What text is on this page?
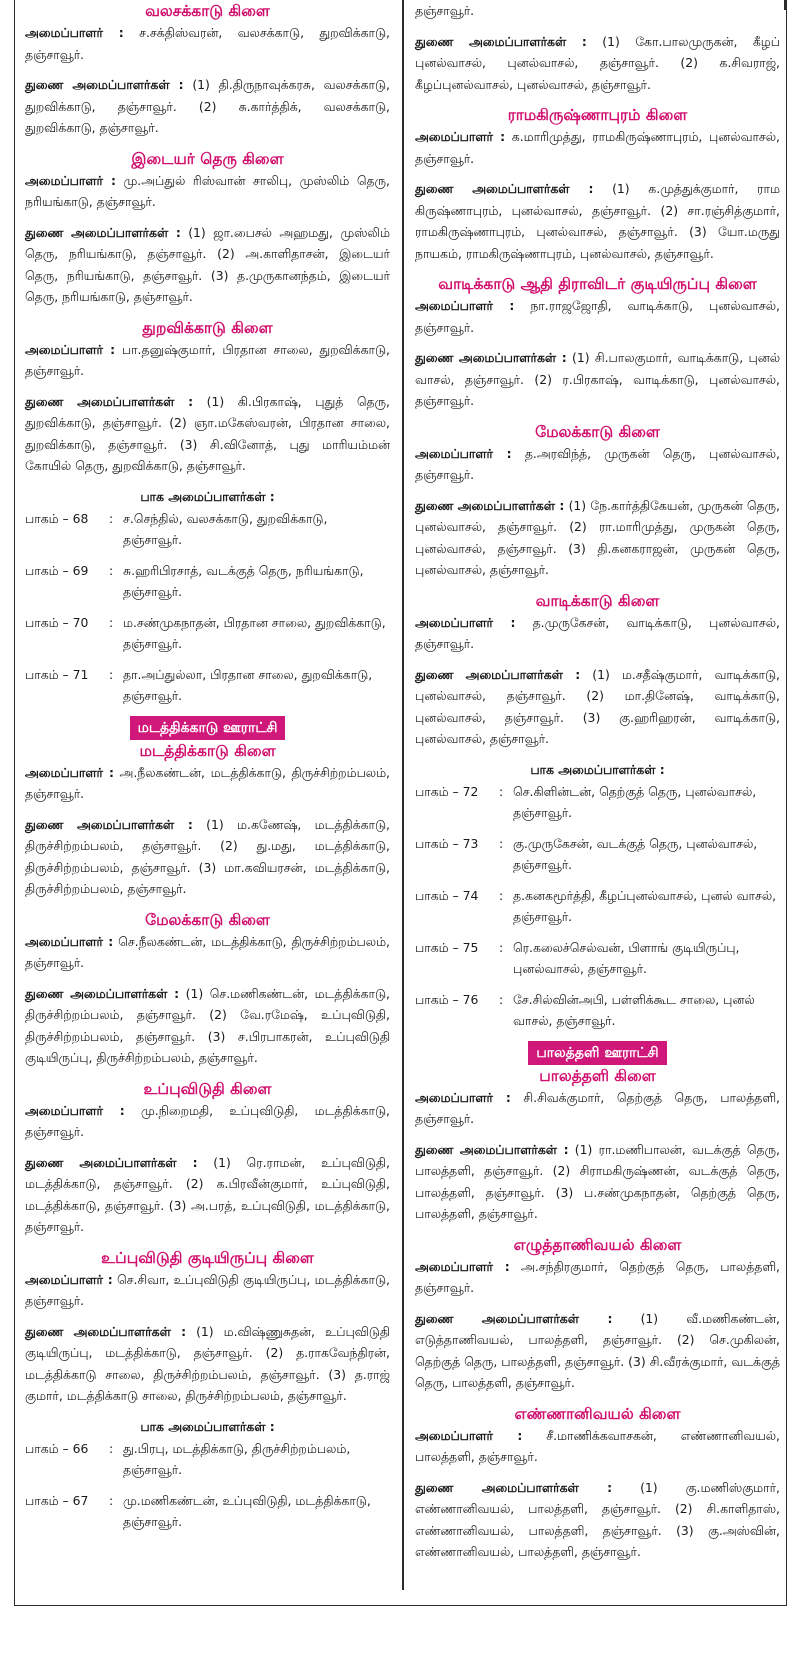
வலசக்காடு கிளை
அமைப்பாளர் : ச.சக்திஸ்வரன், வலசக்காடு, துறவிக்காடு, தஞ்சாவூர்.
துணை அமைப்பாளர்கள் : (1) தி.திருநாவுக்கரசு, வலசக்காடு, துறவிக்காடு, தஞ்சாவூர். (2) சு.கார்த்திக், வலசக்காடு, துறவிக்காடு, தஞ்சாவூர்.
இடையர் தெரு கிளை
அமைப்பாளர் : மு.அப்துல் ரிஸ்வான் சாலிபு, முஸ்லிம் தெரு, நரியங்காடு, தஞ்சாவூர்.
துணை அமைப்பாளர்கள் : (1) ஜா.பைசல் அஹமது, முஸ்லிம் தெரு, நரியங்காடு, தஞ்சாவூர். (2) அ.காளிதாசன், இடையர் தெரு, நரியங்காடு, தஞ்சாவூர். (3) த.முருகானந்தம், இடையர் தெரு, நரியங்காடு, தஞ்சாவூர்.
துறவிக்காடு கிளை
அமைப்பாளர் : பா.தனுஷ்குமார், பிரதான சாலை, துறவிக்காடு, தஞ்சாவூர்.
துணை அமைப்பாளர்கள் : (1) கி.பிரகாஷ், புதுத் தெரு, துறவிக்காடு, தஞ்சாவூர். (2) ஞா.மகேஸ்வரன், பிரதான சாலை, துறவிக்காடு, தஞ்சாவூர். (3) சி.வினோத், புது மாரியம்மன் கோயில் தெரு, துறவிக்காடு, தஞ்சாவூர்.
பாக அமைப்பாளர்கள் :
பாகம் – 68	: ச.செந்தில், வலசக்காடு, துறவிக்காடு, தஞ்சாவூர்.
பாகம் – 69	: சு.ஹரிபிரசாத், வடக்குத் தெரு, நரியங்காடு, தஞ்சாவூர்.
பாகம் – 70	: ம.சண்முகநாதன், பிரதான சாலை, துறவிக்காடு, தஞ்சாவூர்.
பாகம் – 71	: தா.அப்துல்லா, பிரதான சாலை, துறவிக்காடு, தஞ்சாவூர்.
மடத்திக்காடு ஊராட்சி
மடத்திக்காடு கிளை
அமைப்பாளர் : அ.நீலகண்டன், மடத்திக்காடு, திருச்சிற்றம்பலம், தஞ்சாவூர்.
துணை அமைப்பாளர்கள் : (1) ம.கணேஷ், மடத்திக்காடு, திருச்சிற்றம்பலம், தஞ்சாவூர். (2) து.மது, மடத்திக்காடு, திருச்சிற்றம்பலம், தஞ்சாவூர். (3) மா.கவியரசன், மடத்திக்காடு, திருச்சிற்றம்பலம், தஞ்சாவூர்.
மேலக்காடு கிளை
அமைப்பாளர் : செ.நீலகண்டன், மடத்திக்காடு, திருச்சிற்றம்பலம், தஞ்சாவூர்.
துணை அமைப்பாளர்கள் : (1) செ.மணிகண்டன், மடத்திக்காடு, திருச்சிற்றம்பலம், தஞ்சாவூர். (2) வே.ரமேஷ், உப்புவிடுதி, திருச்சிற்றம்பலம், தஞ்சாவூர். (3) ச.பிரபாகரன், உப்புவிடுதி குடியிருப்பு, திருச்சிற்றம்பலம், தஞ்சாவூர்.
உப்புவிடுதி கிளை
அமைப்பாளர் : மு.நிறைமதி, உப்புவிடுதி, மடத்திக்காடு, தஞ்சாவூர்.
துணை அமைப்பாளர்கள் : (1) ரெ.ராமன், உப்புவிடுதி, மடத்திக்காடு, தஞ்சாவூர். (2) க.பிரவீன்குமார், உப்புவிடுதி, மடத்திக்காடு, தஞ்சாவூர். (3) அ.பரத், உப்புவிடுதி, மடத்திக்காடு, தஞ்சாவூர்.
உப்புவிடுதி குடியிருப்பு கிளை
அமைப்பாளர் : செ.சிவா, உப்புவிடுதி குடியிருப்பு, மடத்திக்காடு, தஞ்சாவூர்.
துணை அமைப்பாளர்கள் : (1) ம.விஷ்ணுசுதன், உப்புவிடுதி குடியிருப்பு, மடத்திக்காடு, தஞ்சாவூர். (2) த.ராகவேந்திரன், மடத்திக்காடு சாலை, திருச்சிற்றம்பலம், தஞ்சாவூர். (3) த.ராஜ் குமார், மடத்திக்காடு சாலை, திருச்சிற்றம்பலம், தஞ்சாவூர்.
பாக அமைப்பாளர்கள் :
பாகம் – 66	: து.பிரபு, மடத்திக்காடு, திருச்சிற்றம்பலம், தஞ்சாவூர்.
பாகம் – 67	: மு.மணிகண்டன், உப்புவிடுதி, மடத்திக்காடு, தஞ்சாவூர்.
தஞ்சாவூர்.
துணை அமைப்பாளர்கள் : (1) கோ.பாலமுருகன், கீழப் புனல்வாசல், புனல்வாசல், தஞ்சாவூர். (2) க.சிவராஜ், கீழப்புனல்வாசல், புனல்வாசல், தஞ்சாவூர்.
ராமகிருஷ்ணாபுரம் கிளை
அமைப்பாளர் : க.மாரிமுத்து, ராமகிருஷ்ணாபுரம், புனல்வாசல், தஞ்சாவூர்.
துணை அமைப்பாளர்கள் : (1) க.முத்துக்குமார், ராம கிருஷ்ணாபுரம், புனல்வாசல், தஞ்சாவூர். (2) சா.ரஞ்சித்குமார், ராமகிருஷ்ணாபுரம், புனல்வாசல், தஞ்சாவூர். (3) யோ.மருது நாயகம், ராமகிருஷ்ணாபுரம், புனல்வாசல், தஞ்சாவூர்.
வாடிக்காடு ஆதி திராவிடர் குடியிருப்பு கிளை
அமைப்பாளர் : நா.ராஜஜோதி, வாடிக்காடு, புனல்வாசல், தஞ்சாவூர்.
துணை அமைப்பாளர்கள் : (1) சி.பாலகுமார், வாடிக்காடு, புனல் வாசல், தஞ்சாவூர். (2) ர.பிரகாஷ், வாடிக்காடு, புனல்வாசல், தஞ்சாவூர்.
மேலக்காடு கிளை
அமைப்பாளர் : த.அரவிந்த், முருகன் தெரு, புனல்வாசல், தஞ்சாவூர்.
துணை அமைப்பாளர்கள் : (1) நே.கார்த்திகேயன், முருகன் தெரு, புனல்வாசல், தஞ்சாவூர். (2) ரா.மாரிமுத்து, முருகன் தெரு, புனல்வாசல், தஞ்சாவூர். (3) தி.கனகராஜன், முருகன் தெரு, புனல்வாசல், தஞ்சாவூர்.
வாடிக்காடு கிளை
அமைப்பாளர் : த.முருகேசன், வாடிக்காடு, புனல்வாசல், தஞ்சாவூர்.
துணை அமைப்பாளர்கள் : (1) ம.சதீஷ்குமார், வாடிக்காடு, புனல்வாசல், தஞ்சாவூர். (2) மா.தினேஷ், வாடிக்காடு, புனல்வாசல், தஞ்சாவூர். (3) கு.ஹரிஹரன், வாடிக்காடு, புனல்வாசல், தஞ்சாவூர்.
பாக அமைப்பாளர்கள் :
பாகம் – 72	: செ.கிளின்டன், தெற்குத் தெரு, புனல்வாசல், தஞ்சாவூர்.
பாகம் – 73	: கு.முருகேசன், வடக்குத் தெரு, புனல்வாசல், தஞ்சாவூர்.
பாகம் – 74	: த.கனகமூர்த்தி, கீழப்புனல்வாசல், புனல் வாசல், தஞ்சாவூர்.
பாகம் – 75	: ரெ.கலைச்செல்வன், பிளாங் குடியிருப்பு, புனல்வாசல், தஞ்சாவூர்.
பாகம் – 76	: சே.சில்வின்அபி, பள்ளிக்கூட சாலை, புனல் வாசல், தஞ்சாவூர்.
பாலத்தளி ஊராட்சி
பாலத்தளி கிளை
அமைப்பாளர் : சி.சிவக்குமார், தெற்குத் தெரு, பாலத்தளி, தஞ்சாவூர்.
துணை அமைப்பாளர்கள் : (1) ரா.மணிபாலன், வடக்குத் தெரு, பாலத்தளி, தஞ்சாவூர். (2) சிராமகிருஷ்ணன், வடக்குத் தெரு, பாலத்தளி, தஞ்சாவூர். (3) ப.சண்முகநாதன், தெற்குத் தெரு, பாலத்தளி, தஞ்சாவூர்.
எழுத்தாணிவயல் கிளை
அமைப்பாளர் : அ.சந்திரகுமார், தெற்குத் தெரு, பாலத்தளி, தஞ்சாவூர்.
துணை அமைப்பாளர்கள் : (1) வீ.மணிகண்டன், எடுத்தாணிவயல், பாலத்தளி, தஞ்சாவூர். (2) செ.முகிலன், தெற்குத் தெரு, பாலத்தளி, தஞ்சாவூர். (3) சி.வீரக்குமார், வடக்குத் தெரு, பாலத்தளி, தஞ்சாவூர்.
எண்ணானிவயல் கிளை
அமைப்பாளர் : சீ.மாணிக்கவாசகன், எண்ணானிவயல், பாலத்தளி, தஞ்சாவூர்.
துணை அமைப்பாளர்கள் : (1) கு.மணிஸ்குமார், எண்ணானிவயல், பாலத்தளி, தஞ்சாவூர். (2) சி.காளிதாஸ், எண்ணானிவயல், பாலத்தளி, தஞ்சாவூர். (3) கு.அஸ்வின், எண்ணானிவயல், பாலத்தளி, தஞ்சாவூர்.
